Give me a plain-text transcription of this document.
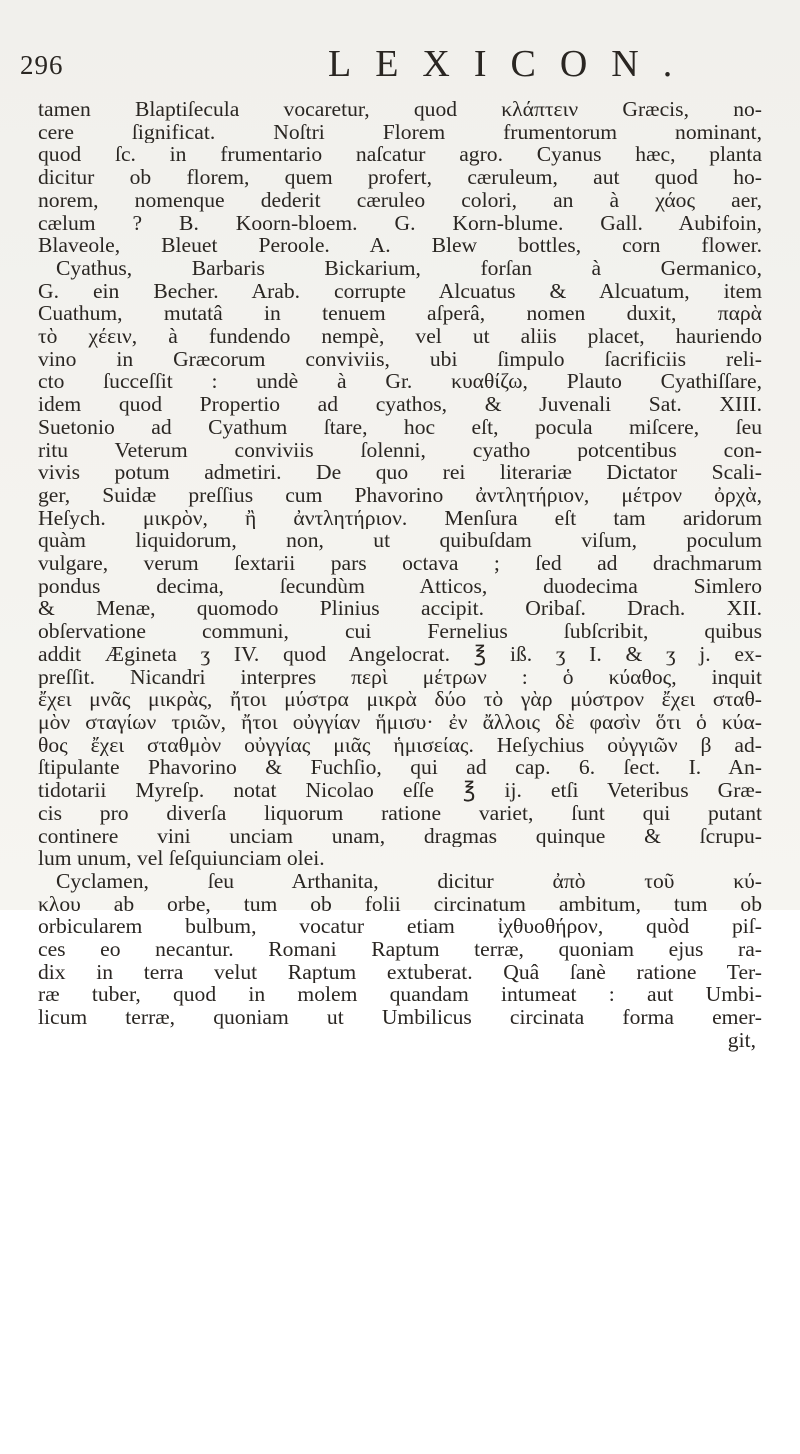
296	LEXICON.
tamen Blaptiſecula vocaretur, quod κλάπτειν Græcis, no-
cere ſignificat. Noſtri Florem frumentorum nominant,
quod ſc. in frumentario naſcatur agro. Cyanus hæc, planta
dicitur ob florem, quem profert, cæruleum, aut quod ho-
norem, nomenque dederit cæruleo colori, an à χάος aer,
cælum ? B. Koorn-bloem. G. Korn-blume. Gall. Aubifoin,
Blaveole, Bleuet Peroole. A. Blew bottles, corn flower.
Cyathus, Barbaris Bickarium, forſan à Germanico,
G. ein Becher. Arab. corrupte Alcuatus & Alcuatum, item
Cuathum, mutatâ in tenuem aſperâ, nomen duxit, παρὰ
τὸ χέειν, à fundendo nempè, vel ut aliis placet, hauriendo
vino in Græcorum conviviis, ubi ſimpulo ſacrificiis reli-
cto ſucceſſit : undè à Gr. κυαθίζω, Plauto Cyathiſſare,
idem quod Propertio ad cyathos, & Juvenali Sat. XIII.
Suetonio ad Cyathum ſtare, hoc eſt, pocula miſcere, ſeu
ritu Veterum conviviis ſolenni, cyatho potcentibus con-
vivis potum admetiri. De quo rei literariæ Dictator Scali-
ger, Suidæ preſſius cum Phavorino ἀντλητήριον, μέτρον ὀρχὰ,
Heſych. μικρὸν, ἢ ἀντλητήριον. Menſura eſt tam aridorum
quàm liquidorum, non, ut quibuſdam viſum, poculum
vulgare, verum ſextarii pars octava ; ſed ad drachmarum
pondus decima, ſecundùm Atticos, duodecima Simlero
& Menæ, quomodo Plinius accipit. Oribaſ. Drach. XII.
obſervatione communi, cui Fernelius ſubſcribit, quibus
addit Ægineta ʒ IV. quod Angelocrat. ℥ iß. ʒ I. & ʒ j. ex-
preſſit. Nicandri interpres περὶ μέτρων : ὁ κύαθος, inquit
ἔχει μνᾶς μικρὰς, ἤτοι μύστρα μικρὰ δύο τὸ γὰρ μύστρον ἔχει σταθ-
μὸν σταγίων τριῶν, ἤτοι οὐγγίαν ἥμισυ· ἐν ἄλλοις δὲ φασὶν ὅτι ὁ κύα-
θος ἔχει σταθμὸν οὐγγίας μιᾶς ἡμισείας. Heſychius οὐγγιῶν β ad-
ſtipulante Phavorino & Fuchſio, qui ad cap. 6. ſect. I. An-
tidotarii Myreſp. notat Nicolao eſſe ℥ ij. etſi Veteribus Græ-
cis pro diverſa liquorum ratione variet, ſunt qui putant
continere vini unciam unam, dragmas quinque & ſcrupu-
lum unum, vel ſeſquiunciam olei.
Cyclamen, ſeu Arthanita, dicitur ἀπὸ τοῦ κύ-
κλου ab orbe, tum ob folii circinatum ambitum, tum ob
orbicularem bulbum, vocatur etiam ἰχθυοθήρον, quòd piſ-
ces eo necantur. Romani Raptum terræ, quoniam ejus ra-
dix in terra velut Raptum extuberat. Quâ ſanè ratione Ter-
ræ tuber, quod in molem quandam intumeat : aut Umbi-
licum terræ, quoniam ut Umbilicus circinata forma emer-
git,
